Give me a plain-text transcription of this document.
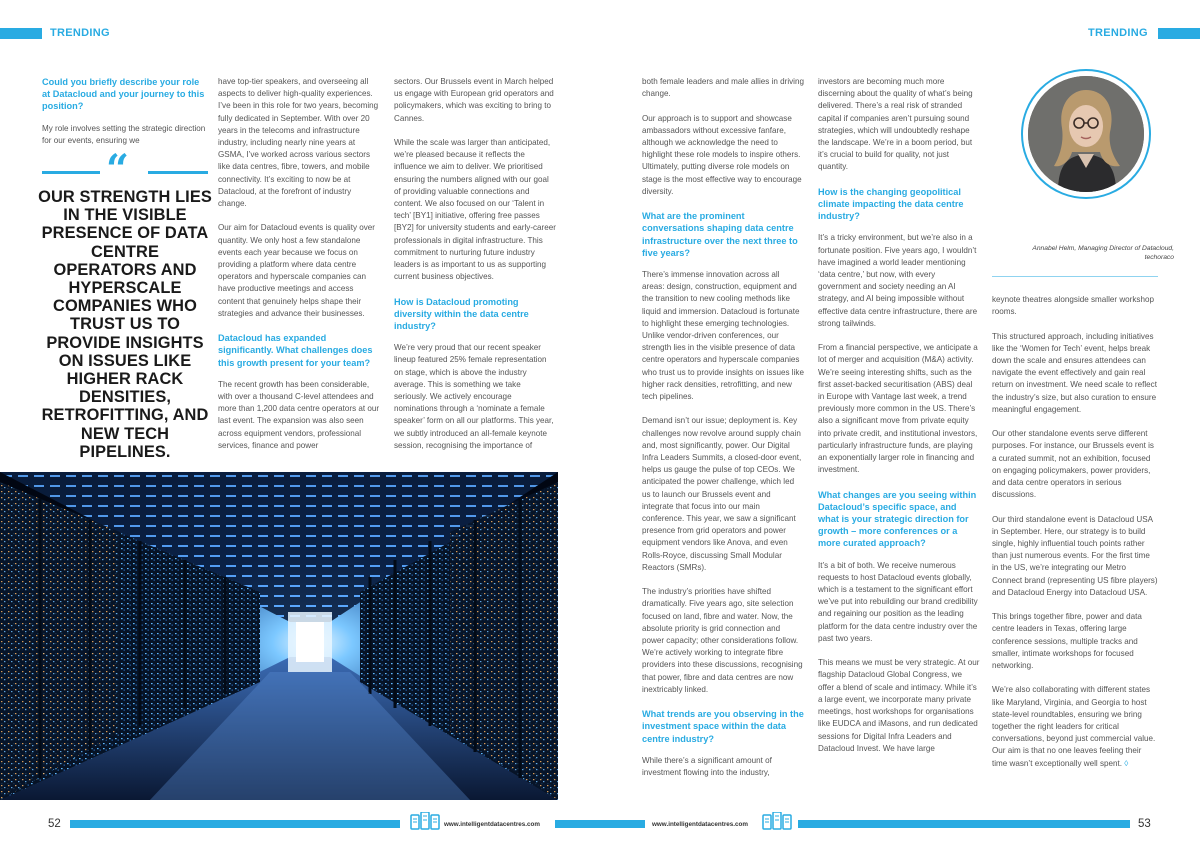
TRENDING
Could you briefly describe your role at Datacloud and your journey to this position?

My role involves setting the strategic direction for our events, ensuring we

“
OUR STRENGTH LIES IN THE VISIBLE PRESENCE OF DATA CENTRE OPERATORS AND HYPERSCALE COMPANIES WHO TRUST US TO PROVIDE INSIGHTS ON ISSUES LIKE HIGHER RACK DENSITIES, RETROFITTING, AND NEW TECH PIPELINES.

have top-tier speakers, and overseeing all aspects to deliver high-quality experiences. I’ve been in this role for two years, becoming fully dedicated in September. With over 20 years in the telecoms and infrastructure industry, including nearly nine years at GSMA, I’ve worked across various sectors like data centres, fibre, towers, and mobile connectivity. It’s exciting to now be at Datacloud, at the forefront of industry change.

Our aim for Datacloud events is quality over quantity. We only host a few standalone events each year because we focus on providing a platform where data centre operators and hyperscale companies can have productive meetings and access content that genuinely helps shape their strategies and advance their businesses.

Datacloud has expanded significantly. What challenges does this growth present for your team?

The recent growth has been considerable, with over a thousand C-level attendees and more than 1,200 data centre operators at our last event. The expansion was also seen across equipment vendors, professional services, finance and power

sectors. Our Brussels event in March helped us engage with European grid operators and policymakers, which was exciting to bring to Cannes.

While the scale was larger than anticipated, we’re pleased because it reflects the influence we aim to deliver. We prioritised ensuring the numbers aligned with our goal of providing valuable connections and content. We also focused on our ‘Talent in tech’ [BY1] initiative, offering free passes [BY2] for university students and early-career professionals in digital infrastructure. This commitment to nurturing future industry leaders is as important to us as supporting current business objectives.

How is Datacloud promoting diversity within the data centre industry?

We’re very proud that our recent speaker lineup featured 25% female representation on stage, which is above the industry average. This is something we take seriously. We actively encourage nominations through a ‘nominate a female speaker’ form on all our platforms. This year, we subtly introduced an all-female keynote session, recognising the importance of

52	www.intelligentdatacentres.com
TRENDING

both female leaders and male allies in driving change.

Our approach is to support and showcase ambassadors without excessive fanfare, although we acknowledge the need to highlight these role models to inspire others. Ultimately, putting diverse role models on stage is the most effective way to encourage diversity.

What are the prominent conversations shaping data centre infrastructure over the next three to five years?

There’s immense innovation across all areas: design, construction, equipment and the transition to new cooling methods like liquid and immersion. Datacloud is fortunate to highlight these emerging technologies. Unlike vendor-driven conferences, our strength lies in the visible presence of data centre operators and hyperscale companies who trust us to provide insights on issues like higher rack densities, retrofitting, and new tech pipelines.

Demand isn’t our issue; deployment is. Key challenges now revolve around supply chain and, most significantly, power. Our Digital Infra Leaders Summits, a closed-door event, helps us gauge the pulse of top CEOs. We anticipated the power challenge, which led us to launch our Brussels event and integrate that focus into our main conference. This year, we saw a significant presence from grid operators and power equipment vendors like Anova, and even Rolls-Royce, discussing Small Modular Reactors (SMRs).

The industry’s priorities have shifted dramatically. Five years ago, site selection focused on land, fibre and water. Now, the absolute priority is grid connection and power capacity; other considerations follow. We’re actively working to integrate fibre providers into these discussions, recognising that power, fibre and data centres are now inextricably linked.

What trends are you observing in the investment space within the data centre industry?

While there’s a significant amount of investment flowing into the industry,

investors are becoming much more discerning about the quality of what’s being delivered. There’s a real risk of stranded capital if companies aren’t pursuing sound strategies, which will undoubtedly reshape the landscape. We’re in a boom period, but it’s crucial to build for quality, not just quantity.

How is the changing geopolitical climate impacting the data centre industry?

It’s a tricky environment, but we’re also in a fortunate position. Five years ago, I wouldn’t have imagined a world leader mentioning ‘data centre,’ but now, with every government and society needing an AI strategy, and AI being impossible without effective data centre infrastructure, there are strong tailwinds.

From a financial perspective, we anticipate a lot of merger and acquisition (M&A) activity. We’re seeing interesting shifts, such as the first asset-backed securitisation (ABS) deal in Europe with Vantage last week, a trend previously more common in the US. There’s also a significant move from private equity into private credit, and institutional investors, particularly infrastructure funds, are playing an exponentially larger role in financing and investment.

What changes are you seeing within Datacloud’s specific space, and what is your strategic direction for growth – more conferences or a more curated approach?

It’s a bit of both. We receive numerous requests to host Datacloud events globally, which is a testament to the significant effort we’ve put into rebuilding our brand credibility and regaining our position as the leading platform for the data centre industry over the past two years.

This means we must be very strategic. At our flagship Datacloud Global Congress, we offer a blend of scale and intimacy. While it’s a large event, we incorporate many private meetings, host workshops for organisations like EUDCA and iMasons, and run dedicated sessions for Digital Infra Leaders and Datacloud Invest. We have large

Annabel Helm, Managing Director of Datacloud, techoraco

keynote theatres alongside smaller workshop rooms.

This structured approach, including initiatives like the ‘Women for Tech’ event, helps break down the scale and ensures attendees can navigate the event effectively and gain real return on investment. We need scale to reflect the industry’s size, but also curation to ensure meaningful engagement.

Our other standalone events serve different purposes. For instance, our Brussels event is a curated summit, not an exhibition, focused on engaging policymakers, power providers, and data centre operators in serious discussions.

Our third standalone event is Datacloud USA in September. Here, our strategy is to build single, highly influential touch points rather than just numerous events. For the first time in the US, we’re integrating our Metro Connect brand (representing US fibre players) and Datacloud Energy into Datacloud USA.

This brings together fibre, power and data centre leaders in Texas, offering large conference sessions, multiple tracks and smaller, intimate workshops for focused networking.

We’re also collaborating with different states like Maryland, Virginia, and Georgia to host state-level roundtables, ensuring we bring together the right leaders for critical conversations, beyond just commercial value. Our aim is that no one leaves feeling their time wasn’t exceptionally well spent. ◊

www.intelligentdatacentres.com	53
